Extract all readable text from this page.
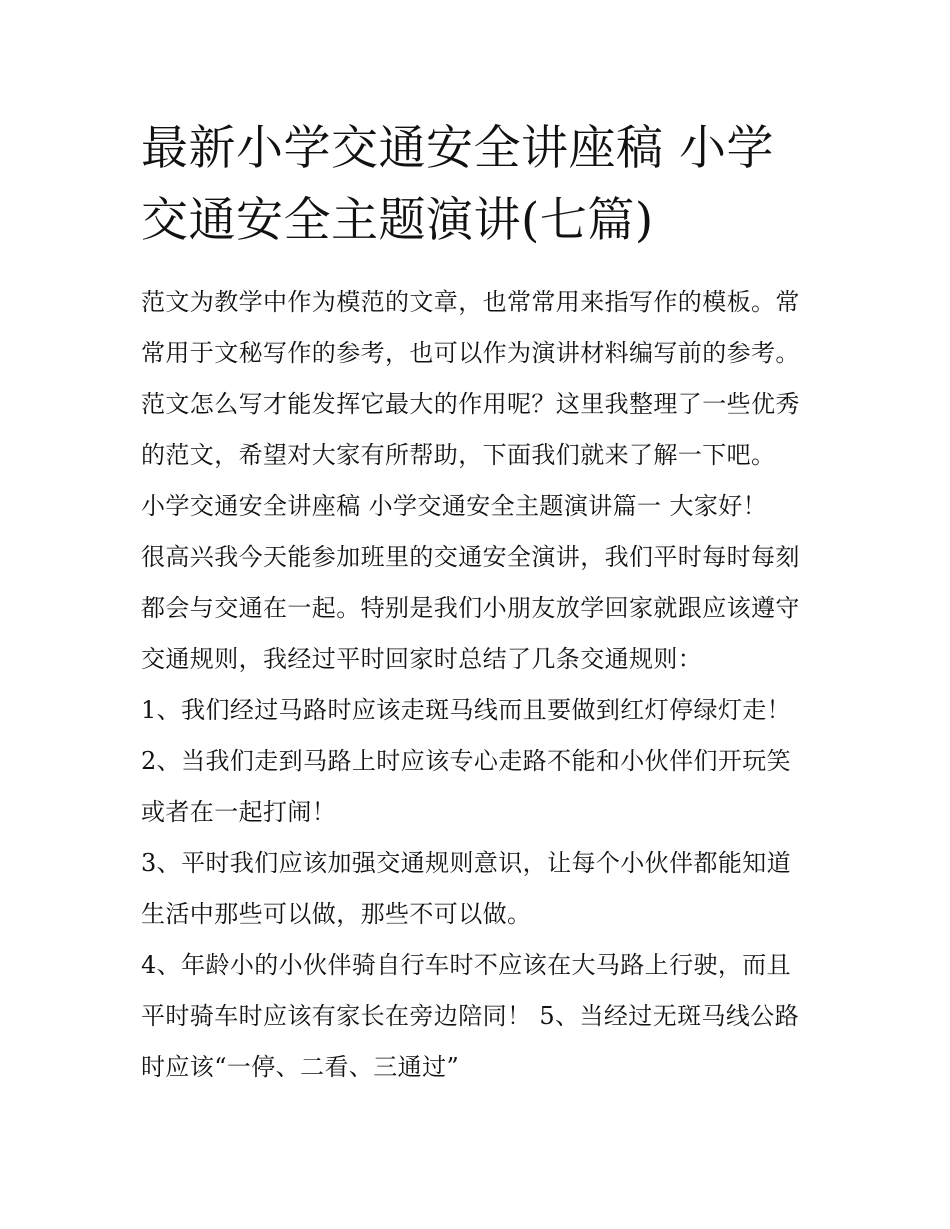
最新小学交通安全讲座稿 小学
交通安全主题演讲(七篇)
范文为教学中作为模范的文章，也常常用来指写作的模板。常
常用于文秘写作的参考，也可以作为演讲材料编写前的参考。
范文怎么写才能发挥它最大的作用呢？这里我整理了一些优秀
的范文，希望对大家有所帮助，下面我们就来了解一下吧。
小学交通安全讲座稿 小学交通安全主题演讲篇一 大家好！
很高兴我今天能参加班里的交通安全演讲，我们平时每时每刻
都会与交通在一起。特别是我们小朋友放学回家就跟应该遵守
交通规则，我经过平时回家时总结了几条交通规则：
1、我们经过马路时应该走斑马线而且要做到红灯停绿灯走！
2、当我们走到马路上时应该专心走路不能和小伙伴们开玩笑
或者在一起打闹！
3、平时我们应该加强交通规则意识，让每个小伙伴都能知道
生活中那些可以做，那些不可以做。
4、年龄小的小伙伴骑自行车时不应该在大马路上行驶，而且
平时骑车时应该有家长在旁边陪同！ 5、当经过无斑马线公路
时应该“一停、二看、三通过”
